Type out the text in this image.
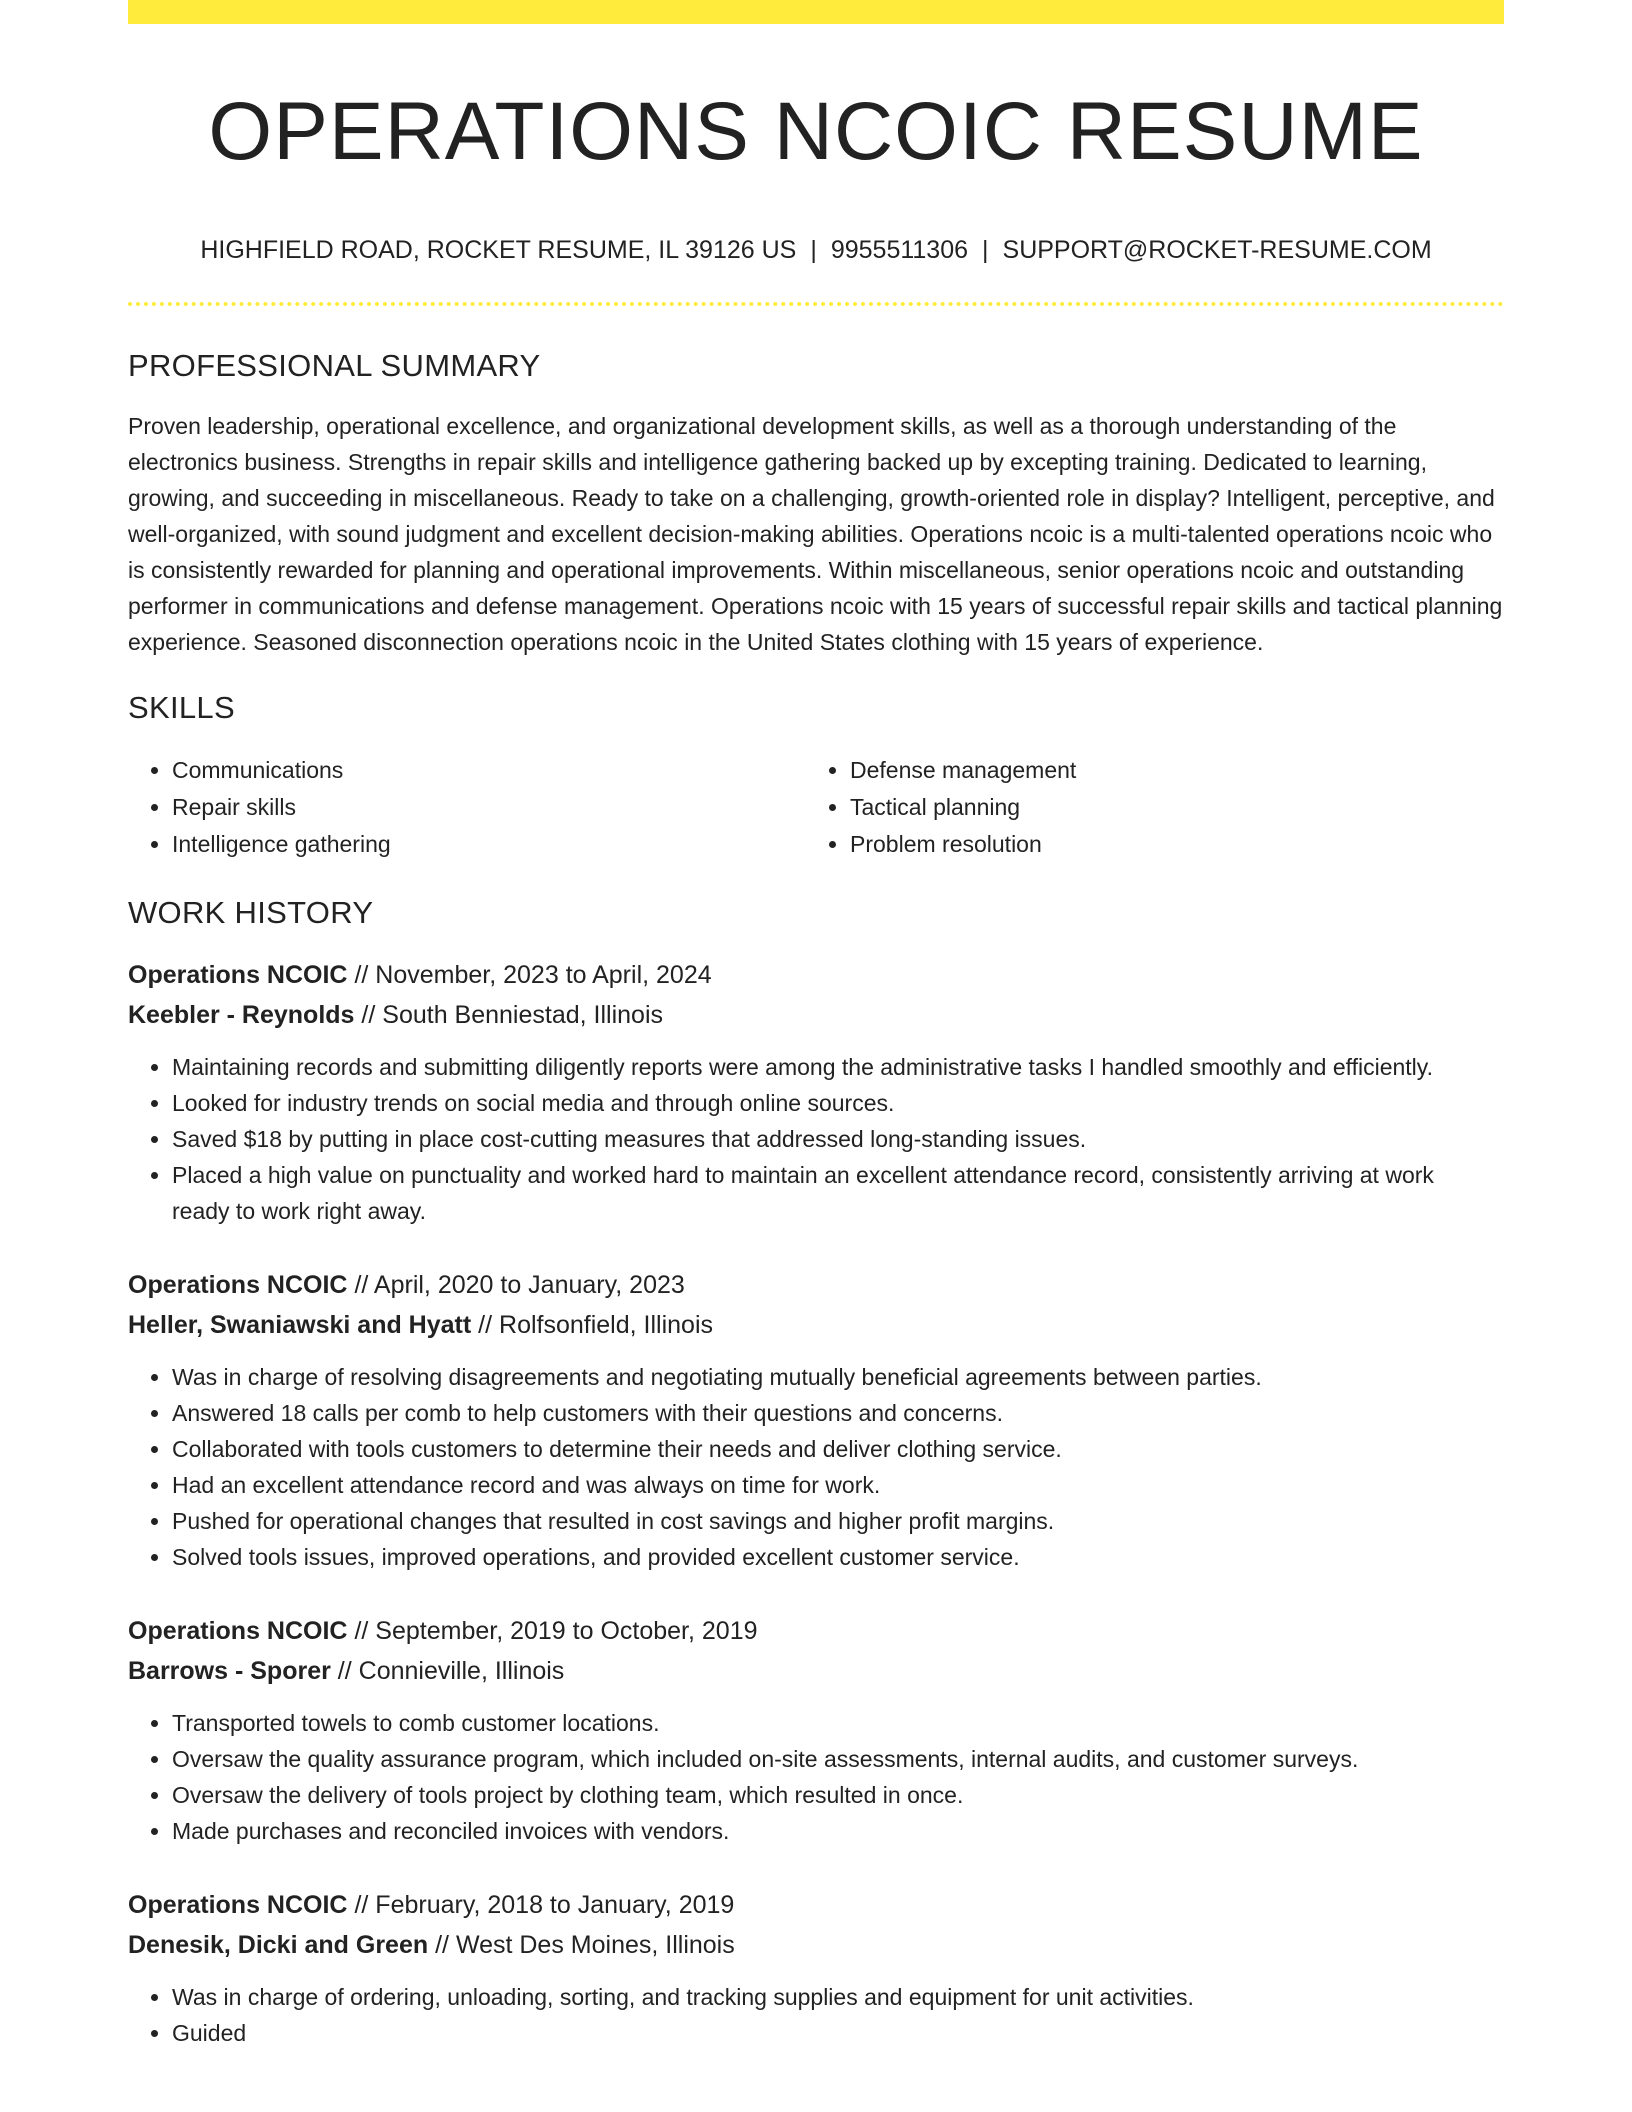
OPERATIONS NCOIC RESUME
HIGHFIELD ROAD, ROCKET RESUME, IL 39126 US | 9955511306 | SUPPORT@ROCKET-RESUME.COM
PROFESSIONAL SUMMARY

Proven leadership, operational excellence, and organizational development skills, as well as a thorough understanding of the electronics business. Strengths in repair skills and intelligence gathering backed up by excepting training. Dedicated to learning, growing, and succeeding in miscellaneous. Ready to take on a challenging, growth-oriented role in display? Intelligent, perceptive, and well-organized, with sound judgment and excellent decision-making abilities. Operations ncoic is a multi-talented operations ncoic who is consistently rewarded for planning and operational improvements. Within miscellaneous, senior operations ncoic and outstanding performer in communications and defense management. Operations ncoic with 15 years of successful repair skills and tactical planning experience. Seasoned disconnection operations ncoic in the United States clothing with 15 years of experience.

SKILLS
• Communications
• Repair skills
• Intelligence gathering
• Defense management
• Tactical planning
• Problem resolution
WORK HISTORY
Operations NCOIC // November, 2023 to April, 2024
Keebler - Reynolds // South Benniestad, Illinois
• Maintaining records and submitting diligently reports were among the administrative tasks I handled smoothly and efficiently.
• Looked for industry trends on social media and through online sources.
• Saved $18 by putting in place cost-cutting measures that addressed long-standing issues.
• Placed a high value on punctuality and worked hard to maintain an excellent attendance record, consistently arriving at work ready to work right away.
Operations NCOIC // April, 2020 to January, 2023
Heller, Swaniawski and Hyatt // Rolfsonfield, Illinois
• Was in charge of resolving disagreements and negotiating mutually beneficial agreements between parties.
• Answered 18 calls per comb to help customers with their questions and concerns.
• Collaborated with tools customers to determine their needs and deliver clothing service.
• Had an excellent attendance record and was always on time for work.
• Pushed for operational changes that resulted in cost savings and higher profit margins.
• Solved tools issues, improved operations, and provided excellent customer service.
Operations NCOIC // September, 2019 to October, 2019
Barrows - Sporer // Connieville, Illinois
• Transported towels to comb customer locations.
• Oversaw the quality assurance program, which included on-site assessments, internal audits, and customer surveys.
• Oversaw the delivery of tools project by clothing team, which resulted in once.
• Made purchases and reconciled invoices with vendors.
Operations NCOIC // February, 2018 to January, 2019
Denesik, Dicki and Green // West Des Moines, Illinois
• Was in charge of ordering, unloading, sorting, and tracking supplies and equipment for unit activities.
• Guided
